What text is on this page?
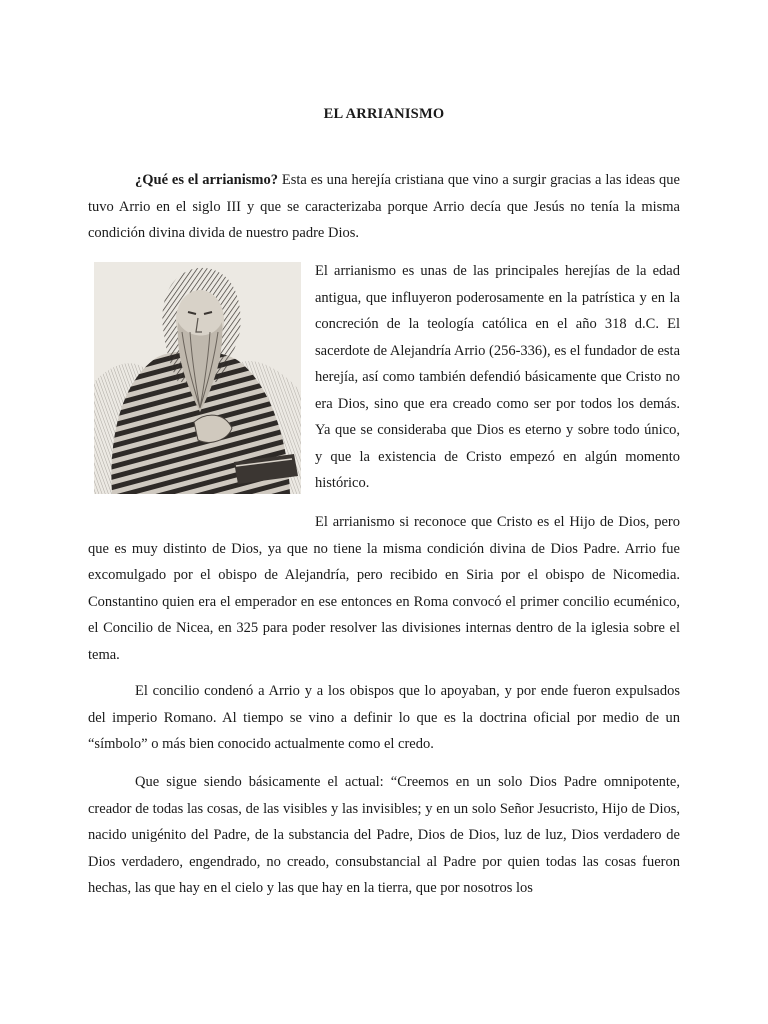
EL ARRIANISMO

¿Qué es el arrianismo? Esta es una herejía cristiana que vino a surgir gracias a las ideas que tuvo Arrio en el siglo III y que se caracterizaba porque Arrio decía que Jesús no tenía la misma condición divina divida de nuestro padre Dios.

El arrianismo es unas de las principales herejías de la edad antigua, que influyeron poderosamente en la patrística y en la concreción de la teología católica en el año 318 d.C. El sacerdote de Alejandría Arrio (256-336), es el fundador de esta herejía, así como también defendió básicamente que Cristo no era Dios, sino que era creado como ser por todos los demás. Ya que se consideraba que Dios es eterno y sobre todo único, y que la existencia de Cristo empezó en algún momento histórico.

El arrianismo si reconoce que Cristo es el Hijo de Dios, pero que es muy distinto de Dios, ya que no tiene la misma condición divina de Dios Padre. Arrio fue excomulgado por el obispo de Alejandría, pero recibido en Siria por el obispo de Nicomedia. Constantino quien era el emperador en ese entonces en Roma convocó el primer concilio ecuménico, el Concilio de Nicea, en 325 para poder resolver las divisiones internas dentro de la iglesia sobre el tema.

El concilio condenó a Arrio y a los obispos que lo apoyaban, y por ende fueron expulsados del imperio Romano. Al tiempo se vino a definir lo que es la doctrina oficial por medio de un “símbolo” o más bien conocido actualmente como el credo.

Que sigue siendo básicamente el actual: “Creemos en un solo Dios Padre omnipotente, creador de todas las cosas, de las visibles y las invisibles; y en un solo Señor Jesucristo, Hijo de Dios, nacido unigénito del Padre, de la substancia del Padre, Dios de Dios, luz de luz, Dios verdadero de Dios verdadero, engendrado, no creado, consubstancial al Padre por quien todas las cosas fueron hechas, las que hay en el cielo y las que hay en la tierra, que por nosotros los
